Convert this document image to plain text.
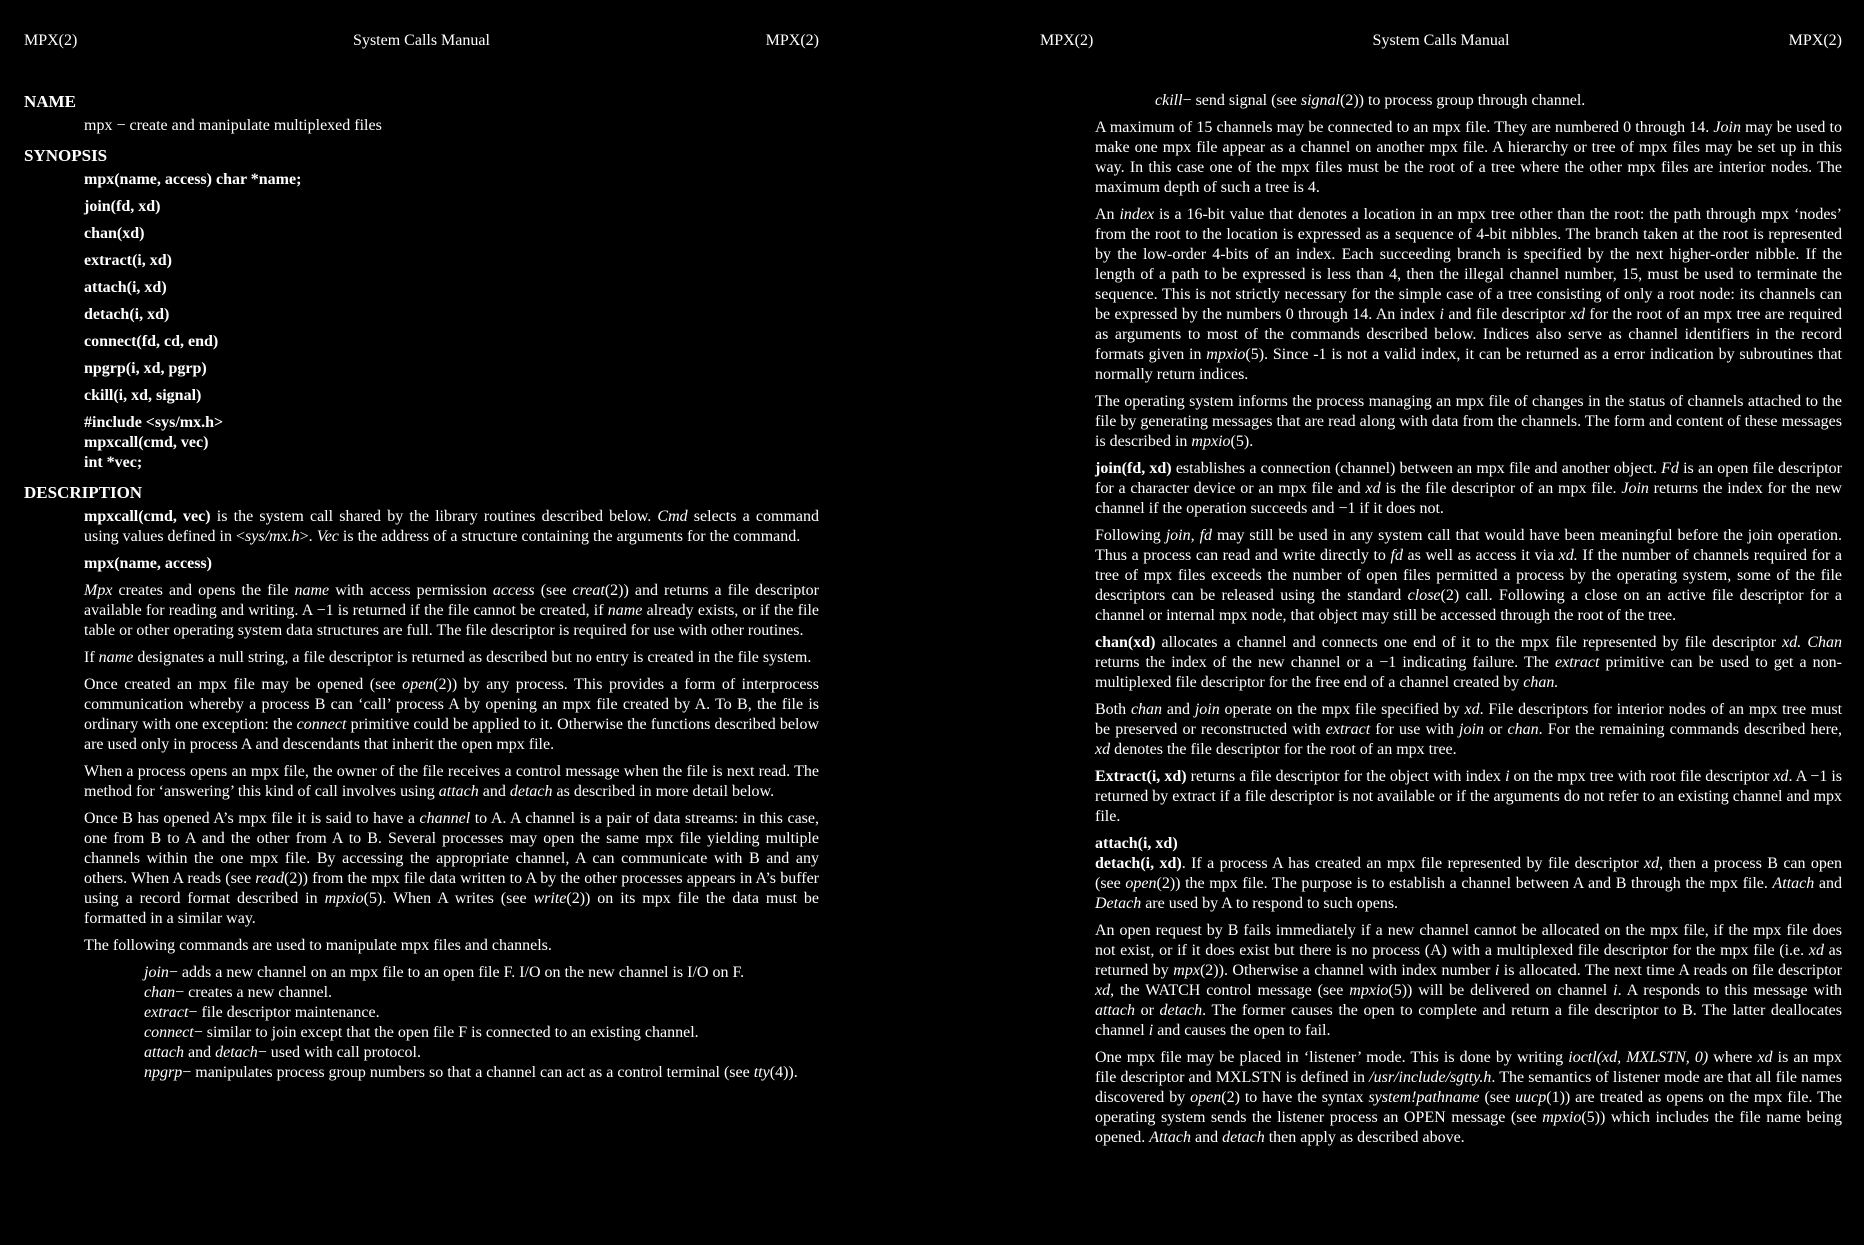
MPX(2)	System Calls Manual	MPX(2)
NAME
mpx − create and manipulate multiplexed files
SYNOPSIS
mpx(name, access) char *name;
join(fd, xd)
chan(xd)
extract(i, xd)
attach(i, xd)
detach(i, xd)
connect(fd, cd, end)
npgrp(i, xd, pgrp)
ckill(i, xd, signal)
#include <sys/mx.h>
mpxcall(cmd, vec)
int *vec;
DESCRIPTION
mpxcall(cmd, vec) is the system call shared by the library routines described below. Cmd selects a command using values defined in <sys/mx.h>. Vec is the address of a structure containing the arguments for the command.
mpx(name, access)
Mpx creates and opens the file name with access permission access (see creat(2)) and returns a file descriptor available for reading and writing. A −1 is returned if the file cannot be created, if name already exists, or if the file table or other operating system data structures are full. The file descriptor is required for use with other routines.
If name designates a null string, a file descriptor is returned as described but no entry is created in the file system.
Once created an mpx file may be opened (see open(2)) by any process. This provides a form of interprocess communication whereby a process B can ‘call’ process A by opening an mpx file created by A. To B, the file is ordinary with one exception: the connect primitive could be applied to it. Otherwise the functions described below are used only in process A and descendants that inherit the open mpx file.
When a process opens an mpx file, the owner of the file receives a control message when the file is next read. The method for ‘answering’ this kind of call involves using attach and detach as described in more detail below.
Once B has opened A’s mpx file it is said to have a channel to A. A channel is a pair of data streams: in this case, one from B to A and the other from A to B. Several processes may open the same mpx file yielding multiple channels within the one mpx file. By accessing the appropriate channel, A can communicate with B and any others. When A reads (see read(2)) from the mpx file data written to A by the other processes appears in A’s buffer using a record format described in mpxio(5). When A writes (see write(2)) on its mpx file the data must be formatted in a similar way.
The following commands are used to manipulate mpx files and channels.
join− adds a new channel on an mpx file to an open file F. I/O on the new channel is I/O on F.
chan− creates a new channel.
extract− file descriptor maintenance.
connect− similar to join except that the open file F is connected to an existing channel.
attach and detach− used with call protocol.
npgrp− manipulates process group numbers so that a channel can act as a control terminal (see tty(4)).
MPX(2)	System Calls Manual	MPX(2)
ckill− send signal (see signal(2)) to process group through channel.
A maximum of 15 channels may be connected to an mpx file. They are numbered 0 through 14. Join may be used to make one mpx file appear as a channel on another mpx file. A hierarchy or tree of mpx files may be set up in this way. In this case one of the mpx files must be the root of a tree where the other mpx files are interior nodes. The maximum depth of such a tree is 4.
An index is a 16-bit value that denotes a location in an mpx tree other than the root: the path through mpx ‘nodes’ from the root to the location is expressed as a sequence of 4-bit nibbles. The branch taken at the root is represented by the low-order 4-bits of an index. Each succeeding branch is specified by the next higher-order nibble. If the length of a path to be expressed is less than 4, then the illegal channel number, 15, must be used to terminate the sequence. This is not strictly necessary for the simple case of a tree consisting of only a root node: its channels can be expressed by the numbers 0 through 14. An index i and file descriptor xd for the root of an mpx tree are required as arguments to most of the commands described below. Indices also serve as channel identifiers in the record formats given in mpxio(5). Since -1 is not a valid index, it can be returned as a error indication by subroutines that normally return indices.
The operating system informs the process managing an mpx file of changes in the status of channels attached to the file by generating messages that are read along with data from the channels. The form and content of these messages is described in mpxio(5).
join(fd, xd) establishes a connection (channel) between an mpx file and another object. Fd is an open file descriptor for a character device or an mpx file and xd is the file descriptor of an mpx file. Join returns the index for the new channel if the operation succeeds and −1 if it does not.
Following join, fd may still be used in any system call that would have been meaningful before the join operation. Thus a process can read and write directly to fd as well as access it via xd. If the number of channels required for a tree of mpx files exceeds the number of open files permitted a process by the operating system, some of the file descriptors can be released using the standard close(2) call. Following a close on an active file descriptor for a channel or internal mpx node, that object may still be accessed through the root of the tree.
chan(xd) allocates a channel and connects one end of it to the mpx file represented by file descriptor xd. Chan returns the index of the new channel or a −1 indicating failure. The extract primitive can be used to get a non-multiplexed file descriptor for the free end of a channel created by chan.
Both chan and join operate on the mpx file specified by xd. File descriptors for interior nodes of an mpx tree must be preserved or reconstructed with extract for use with join or chan. For the remaining commands described here, xd denotes the file descriptor for the root of an mpx tree.
Extract(i, xd) returns a file descriptor for the object with index i on the mpx tree with root file descriptor xd. A −1 is returned by extract if a file descriptor is not available or if the arguments do not refer to an existing channel and mpx file.
attach(i, xd)
detach(i, xd). If a process A has created an mpx file represented by file descriptor xd, then a process B can open (see open(2)) the mpx file. The purpose is to establish a channel between A and B through the mpx file. Attach and Detach are used by A to respond to such opens.
An open request by B fails immediately if a new channel cannot be allocated on the mpx file, if the mpx file does not exist, or if it does exist but there is no process (A) with a multiplexed file descriptor for the mpx file (i.e. xd as returned by mpx(2)). Otherwise a channel with index number i is allocated. The next time A reads on file descriptor xd, the WATCH control message (see mpxio(5)) will be delivered on channel i. A responds to this message with attach or detach. The former causes the open to complete and return a file descriptor to B. The latter deallocates channel i and causes the open to fail.
One mpx file may be placed in ‘listener’ mode. This is done by writing ioctl(xd, MXLSTN, 0) where xd is an mpx file descriptor and MXLSTN is defined in /usr/include/sgtty.h. The semantics of listener mode are that all file names discovered by open(2) to have the syntax system!pathname (see uucp(1)) are treated as opens on the mpx file. The operating system sends the listener process an OPEN message (see mpxio(5)) which includes the file name being opened. Attach and detach then apply as described above.
